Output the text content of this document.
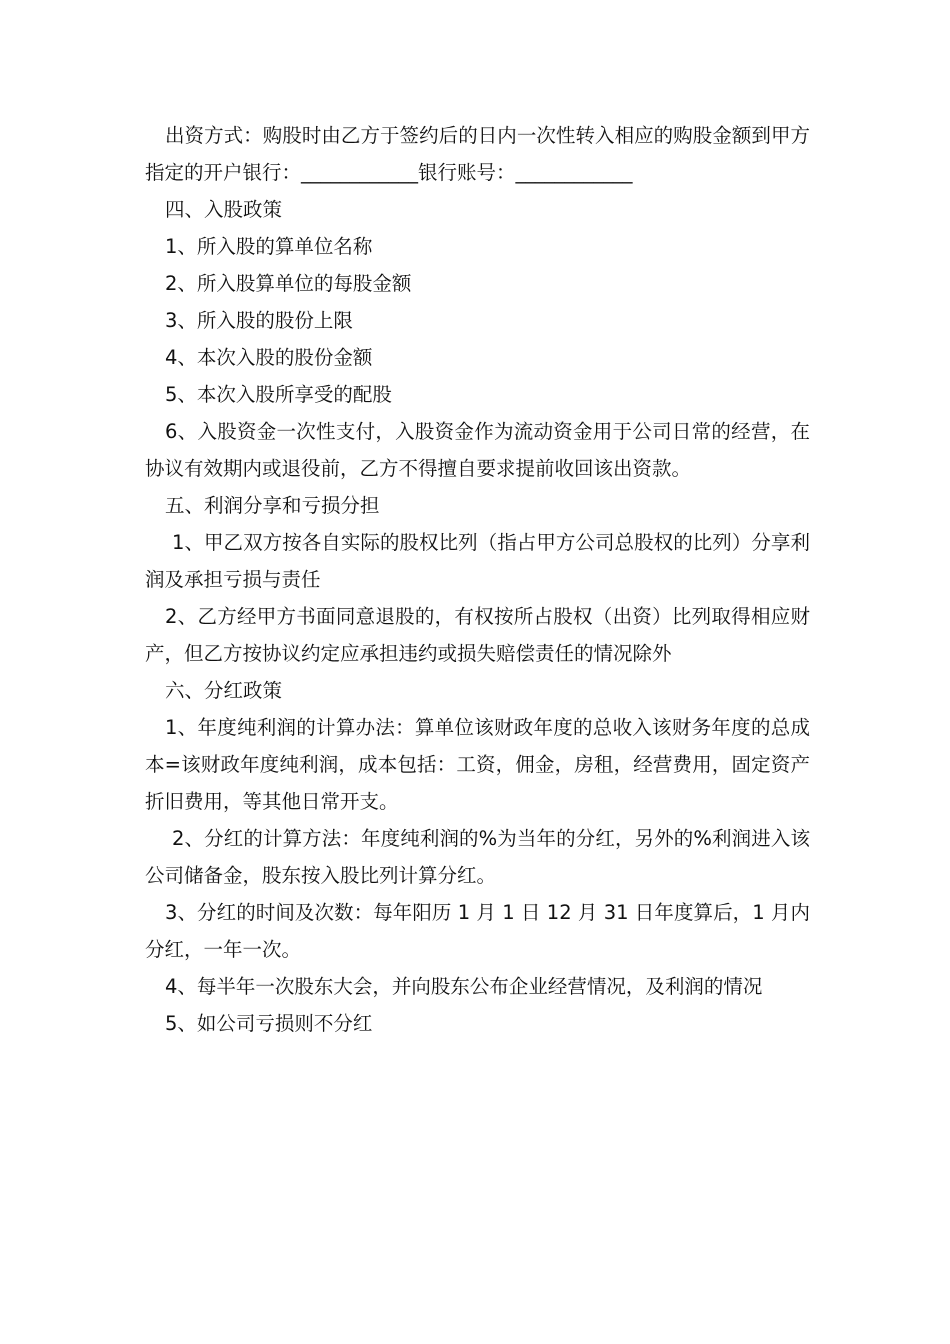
出资方式：购股时由乙方于签约后的日内一次性转入相应的购股金额到甲方指定的开户银行：____________银行账号：____________

四、入股政策

1、所入股的算单位名称

2、所入股算单位的每股金额

3、所入股的股份上限

4、本次入股的股份金额

5、本次入股所享受的配股

6、入股资金一次性支付，入股资金作为流动资金用于公司日常的经营，在协议有效期内或退役前，乙方不得擅自要求提前收回该出资款。

五、利润分享和亏损分担

1、甲乙双方按各自实际的股权比列（指占甲方公司总股权的比列）分享利润及承担亏损与责任

2、乙方经甲方书面同意退股的，有权按所占股权（出资）比列取得相应财产，但乙方按协议约定应承担违约或损失赔偿责任的情况除外

六、分红政策

1、年度纯利润的计算办法：算单位该财政年度的总收入该财务年度的总成本=该财政年度纯利润，成本包括：工资，佣金，房租，经营费用，固定资产折旧费用，等其他日常开支。

2、分红的计算方法：年度纯利润的%为当年的分红，另外的%利润进入该公司储备金，股东按入股比列计算分红。

3、分红的时间及次数：每年阳历 1 月 1 日 12 月 31 日年度算后，1 月内分红，一年一次。

4、每半年一次股东大会，并向股东公布企业经营情况，及利润的情况

5、如公司亏损则不分红
